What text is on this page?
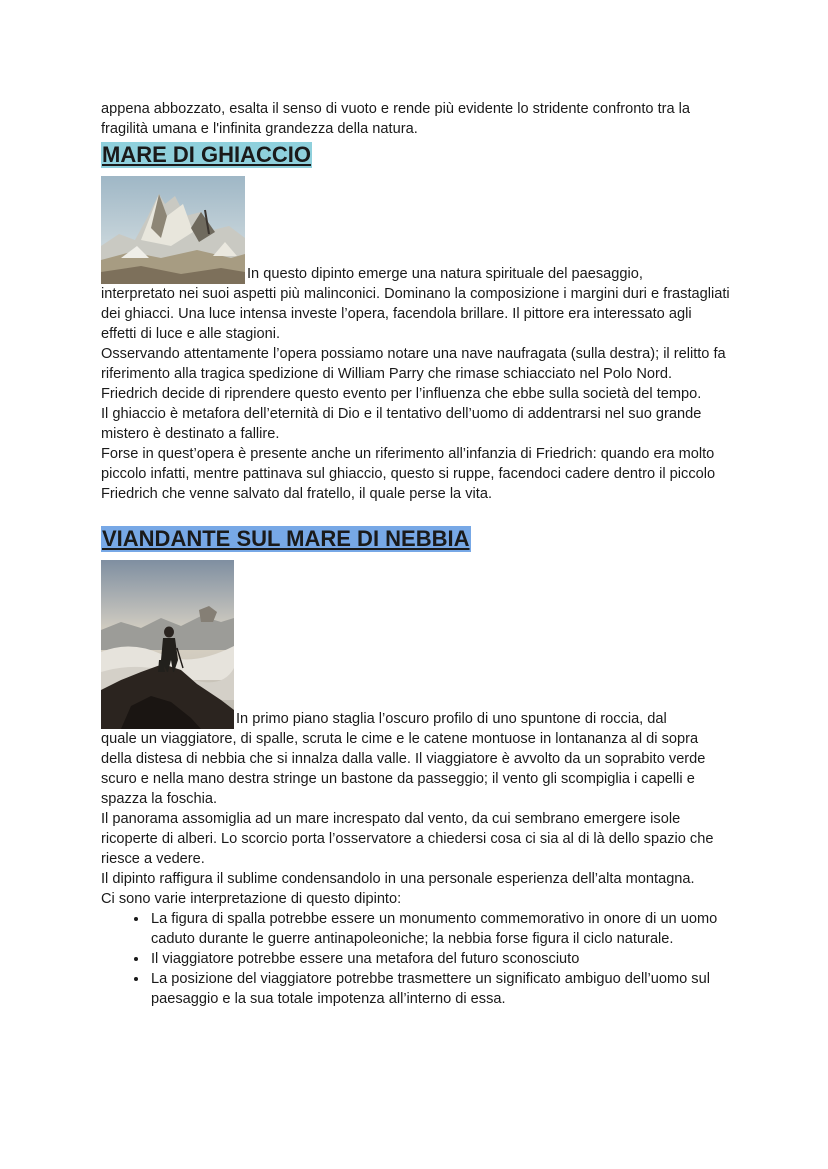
appena abbozzato, esalta il senso di vuoto e rende più evidente lo stridente confronto tra la fragilità umana e l'infinita grandezza della natura.

MARE DI GHIACCIO

In questo dipinto emerge una natura spirituale del paesaggio,

interpretato nei suoi aspetti più malinconici. Dominano la composizione i margini duri e frastagliati dei ghiacci. Una luce intensa investe l’opera, facendola brillare. Il pittore era interessato agli effetti di luce e alle stagioni.

Osservando attentamente l’opera possiamo notare una nave naufragata (sulla destra); il relitto fa riferimento alla tragica spedizione di William Parry che rimase schiacciato nel Polo Nord. Friedrich decide di riprendere questo evento per l’influenza che ebbe sulla società del tempo.

Il ghiaccio è metafora dell’eternità di Dio e il tentativo dell’uomo di addentrarsi nel suo grande mistero è destinato a fallire.

Forse in quest’opera è presente anche un riferimento all’infanzia di Friedrich: quando era molto piccolo infatti, mentre pattinava sul ghiaccio, questo si ruppe, facendoci cadere dentro il piccolo Friedrich che venne salvato dal fratello, il quale perse la vita.

VIANDANTE SUL MARE DI NEBBIA

In primo piano staglia l’oscuro profilo di uno spuntone di roccia, dal

quale un viaggiatore, di spalle, scruta le cime e le catene montuose in lontananza al di sopra della distesa di nebbia che si innalza dalla valle. Il viaggiatore è avvolto da un soprabito verde scuro e nella mano destra stringe un bastone da passeggio; il vento gli scompiglia i capelli e spazza la foschia.

Il panorama assomiglia ad un mare increspato dal vento, da cui sembrano emergere isole ricoperte di alberi. Lo scorcio porta l’osservatore a chiedersi cosa ci sia al di là dello spazio che riesce a vedere.

Il dipinto raffigura il sublime condensandolo in una personale esperienza dell’alta montagna.

Ci sono varie interpretazione di questo dipinto:

• La figura di spalla potrebbe essere un monumento commemorativo in onore di un uomo caduto durante le guerre antinapoleoniche; la nebbia forse figura il ciclo naturale.
• Il viaggiatore potrebbe essere una metafora del futuro sconosciuto
• La posizione del viaggiatore potrebbe trasmettere un significato ambiguo dell’uomo sul paesaggio e la sua totale impotenza all’interno di essa.
